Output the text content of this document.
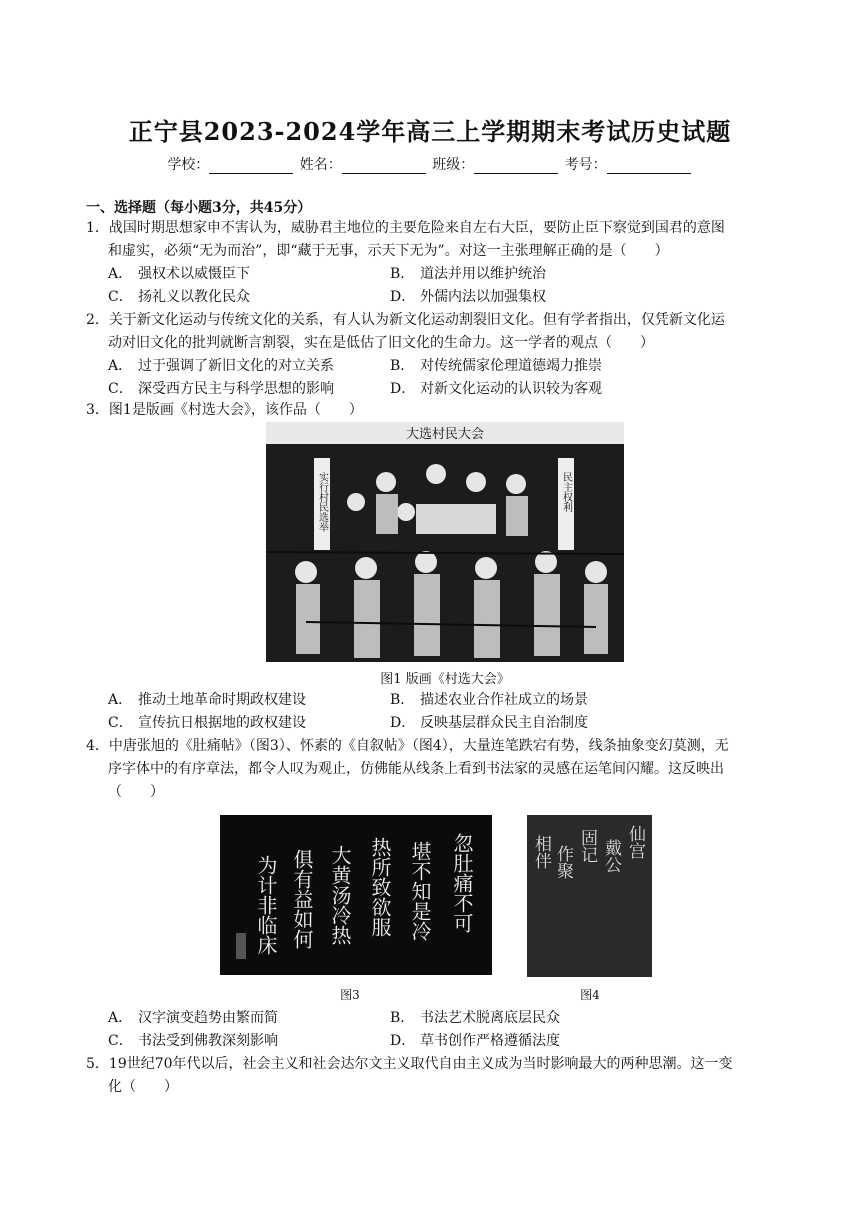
正宁县2023-2024学年高三上学期期末考试历史试题
学校：	姓名：	班级：	考号：
一、选择题（每小题3分，共45分）
1．战国时期思想家申不害认为，威胁君主地位的主要危险来自左右大臣，要防止臣下察觉到国君的意图
和虚实，必须“无为而治”，即“藏于无事，示天下无为”。对这一主张理解正确的是（　　）
A． 强权术以威慑臣下	B． 道法并用以维护统治
C． 扬礼义以教化民众	D． 外儒内法以加强集权
2．关于新文化运动与传统文化的关系，有人认为新文化运动割裂旧文化。但有学者指出，仅凭新文化运
动对旧文化的批判就断言割裂，实在是低估了旧文化的生命力。这一学者的观点（　　）
A． 过于强调了新旧文化的对立关系	B． 对传统儒家伦理道德竭力推崇
C． 深受西方民主与科学思想的影响	D． 对新文化运动的认识较为客观
3．图1是版画《村选大会》，该作品（　　）
大选村民大会
实行村民选举	民主权利
图1 版画《村选大会》
A． 推动土地革命时期政权建设	B． 描述农业合作社成立的场景
C． 宣传抗日根据地的政权建设	D． 反映基层群众民主自治制度
4．中唐张旭的《肚痛帖》（图3）、怀素的《自叙帖》（图4），大量连笔跌宕有势，线条抽象变幻莫测，无
序字体中的有序章法，都令人叹为观止，仿佛能从线条上看到书法家的灵感在运笔间闪耀。这反映出
（　　）
忽肚痛不可
堪不知是冷
热所致欲服
大黄汤冷热
俱有益如何
为计非临床
仙宫
戴公
固记
作聚
相伴
图3	图4
A． 汉字演变趋势由繁而简	B． 书法艺术脱离底层民众
C． 书法受到佛教深刻影响	D． 草书创作严格遵循法度
5．19世纪70年代以后，社会主义和社会达尔文主义取代自由主义成为当时影响最大的两种思潮。这一变
化（　　）
